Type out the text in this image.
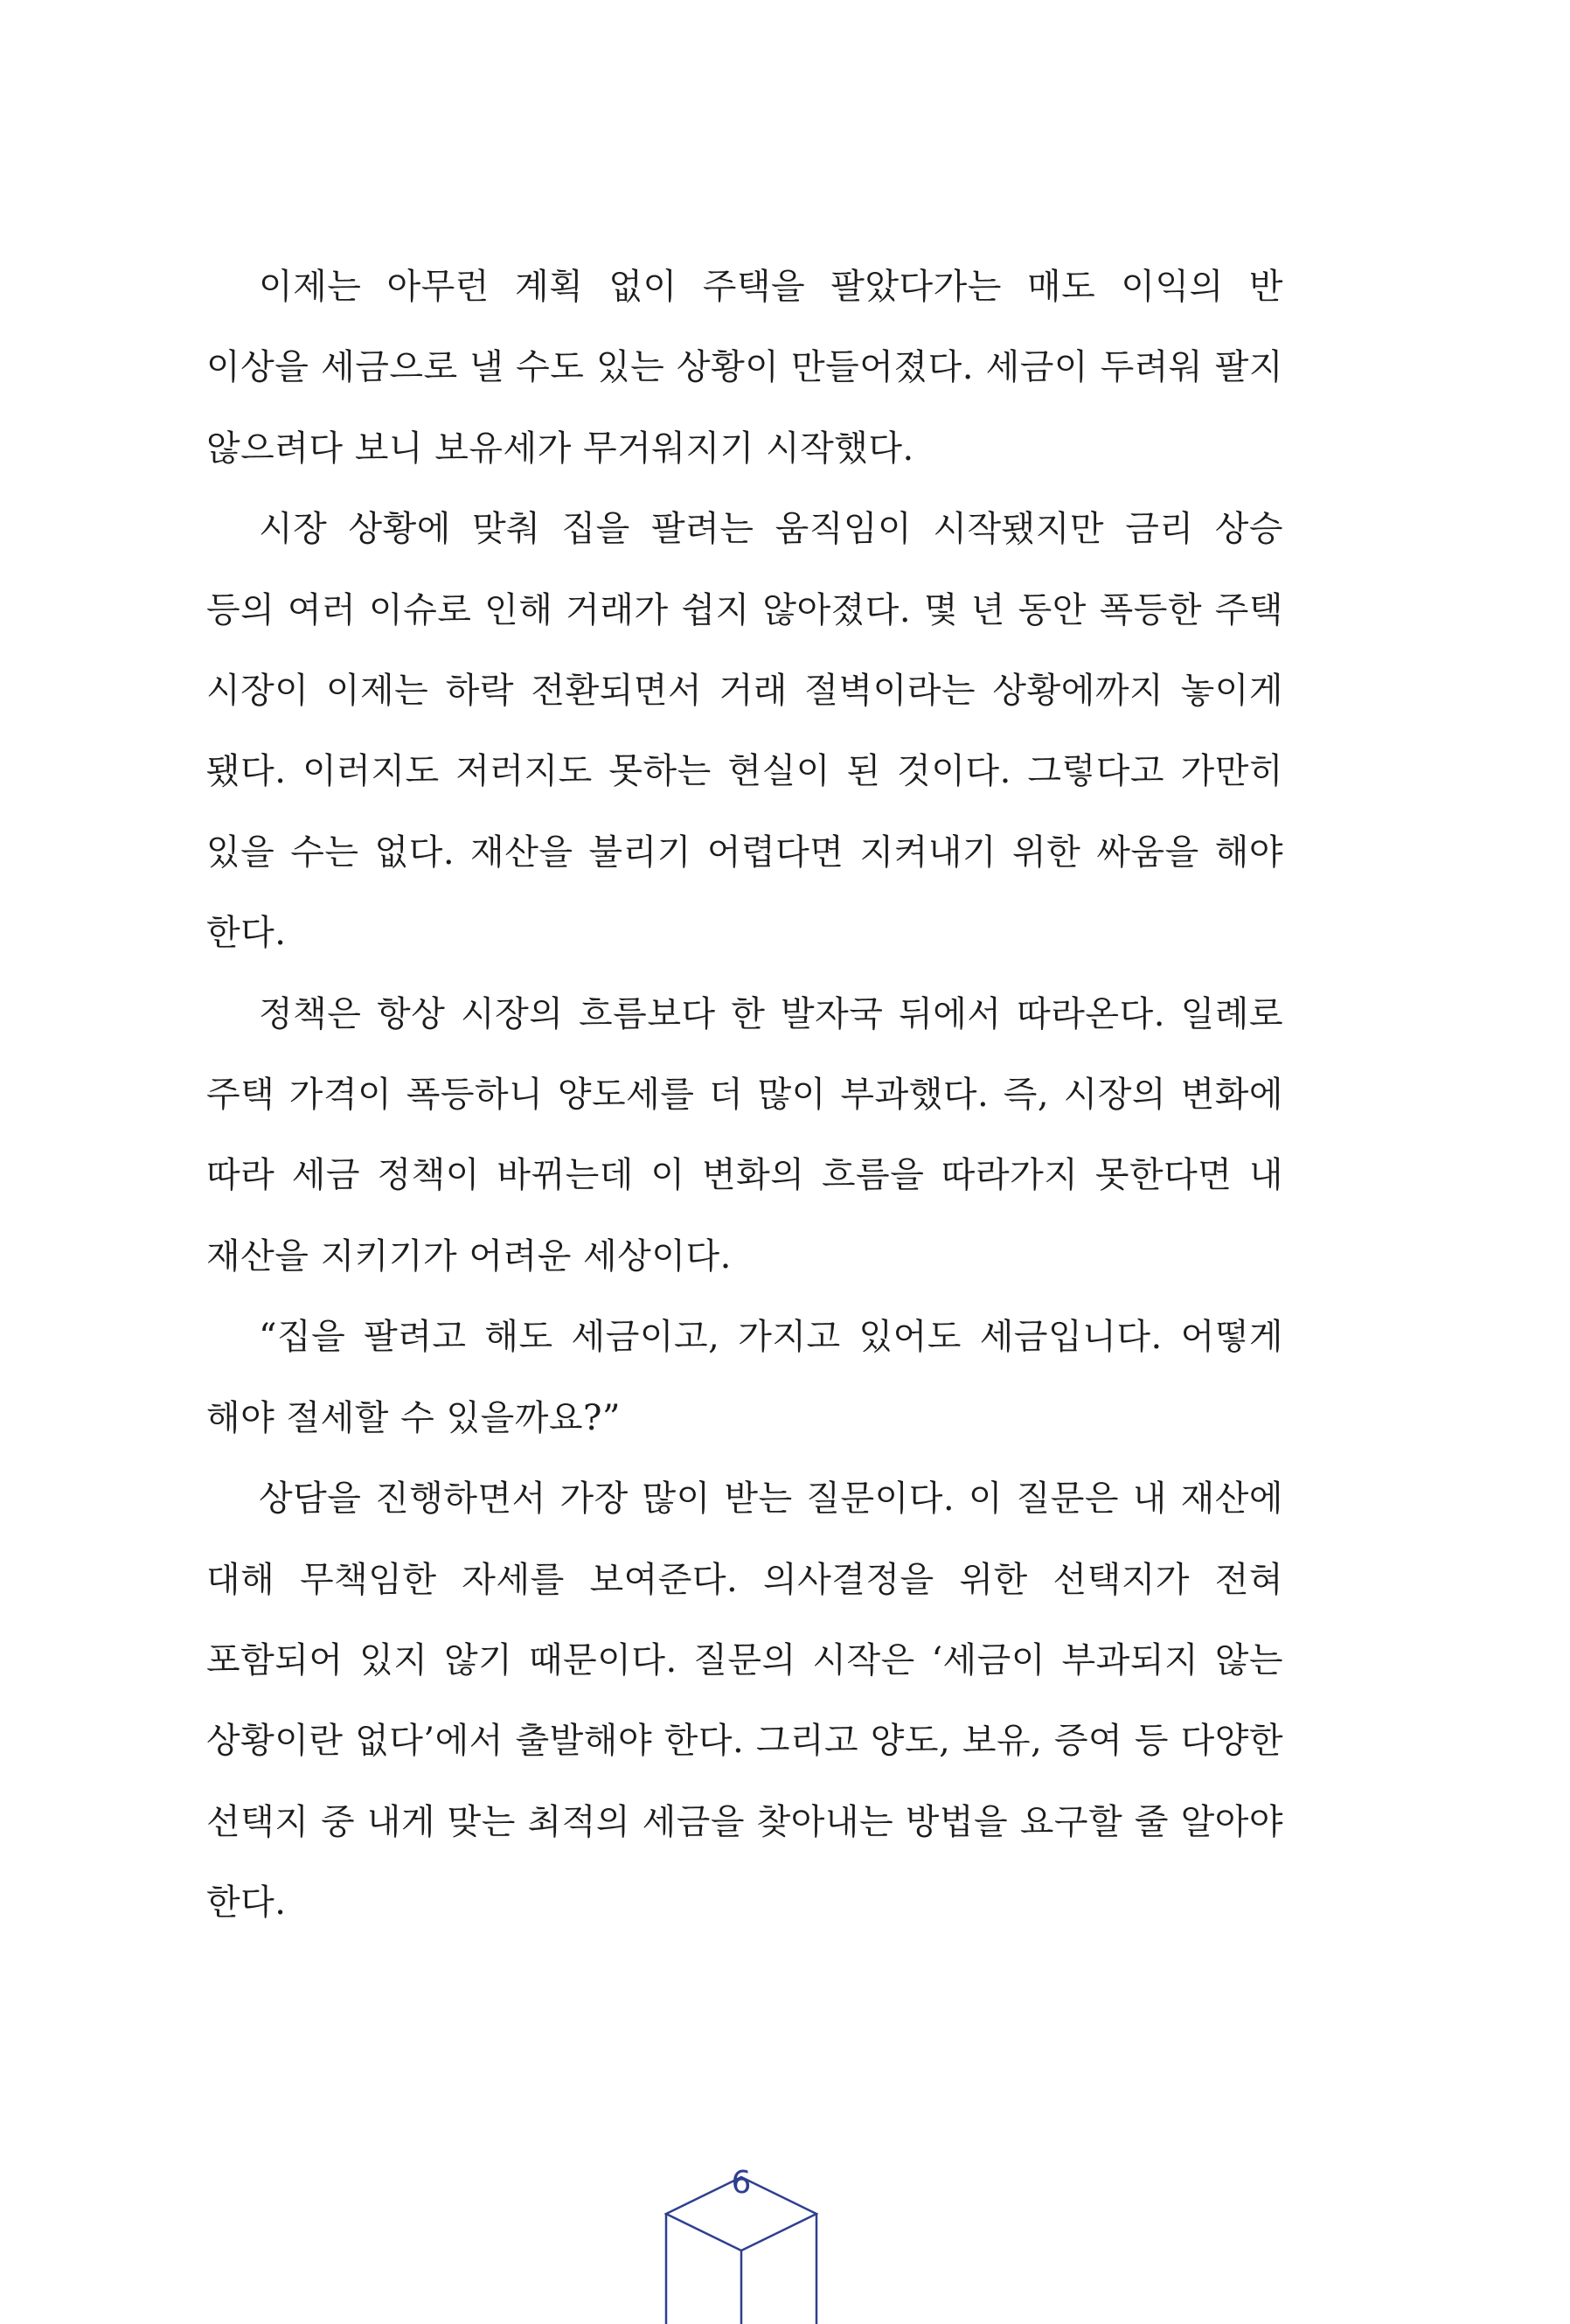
이제는 아무런 계획 없이 주택을 팔았다가는 매도 이익의 반 이상을 세금으로 낼 수도 있는 상황이 만들어졌다. 세금이 두려워 팔지 않으려다 보니 보유세가 무거워지기 시작했다.

시장 상황에 맞춰 집을 팔려는 움직임이 시작됐지만 금리 상승 등의 여러 이슈로 인해 거래가 쉽지 않아졌다. 몇 년 동안 폭등한 주택 시장이 이제는 하락 전환되면서 거래 절벽이라는 상황에까지 놓이게 됐다. 이러지도 저러지도 못하는 현실이 된 것이다. 그렇다고 가만히 있을 수는 없다. 재산을 불리기 어렵다면 지켜내기 위한 싸움을 해야 한다.

정책은 항상 시장의 흐름보다 한 발자국 뒤에서 따라온다. 일례로 주택 가격이 폭등하니 양도세를 더 많이 부과했다. 즉, 시장의 변화에 따라 세금 정책이 바뀌는데 이 변화의 흐름을 따라가지 못한다면 내 재산을 지키기가 어려운 세상이다.

“집을 팔려고 해도 세금이고, 가지고 있어도 세금입니다. 어떻게 해야 절세할 수 있을까요?”

상담을 진행하면서 가장 많이 받는 질문이다. 이 질문은 내 재산에 대해 무책임한 자세를 보여준다. 의사결정을 위한 선택지가 전혀 포함되어 있지 않기 때문이다. 질문의 시작은 ‘세금이 부과되지 않는 상황이란 없다’에서 출발해야 한다. 그리고 양도, 보유, 증여 등 다양한 선택지 중 내게 맞는 최적의 세금을 찾아내는 방법을 요구할 줄 알아야 한다.

6
